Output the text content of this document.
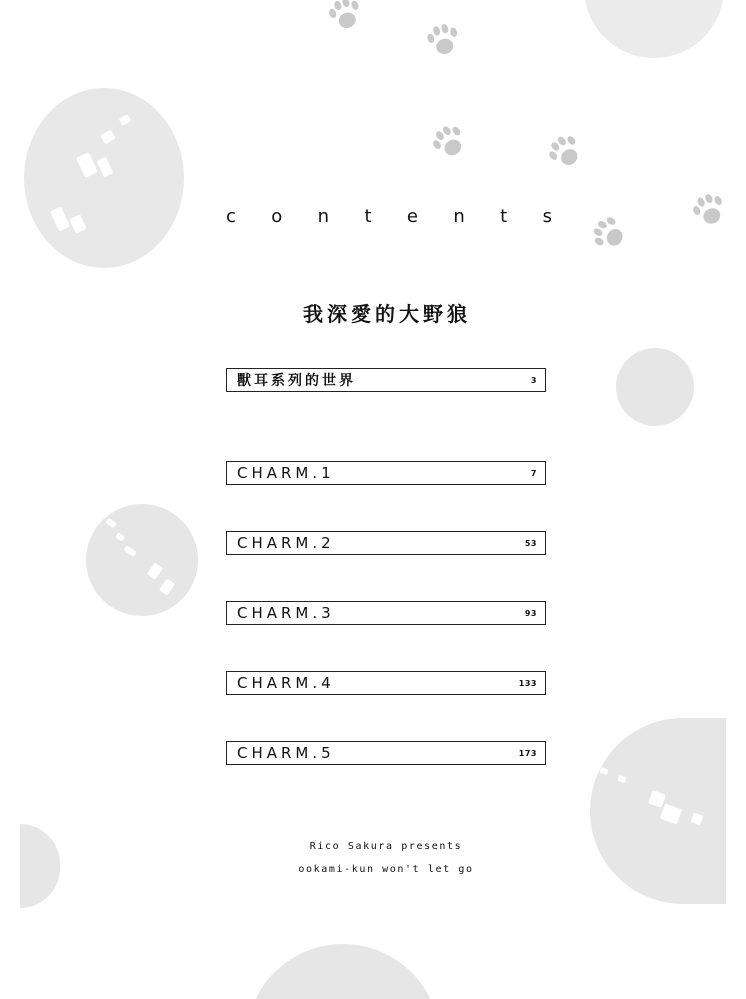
c o n t e n t s
我深愛的大野狼
獸耳系列的世界	3
CHARM.1	7
CHARM.2	53
CHARM.3	93
CHARM.4	133
CHARM.5	173
Rico Sakura presents
ookami-kun won't let go
